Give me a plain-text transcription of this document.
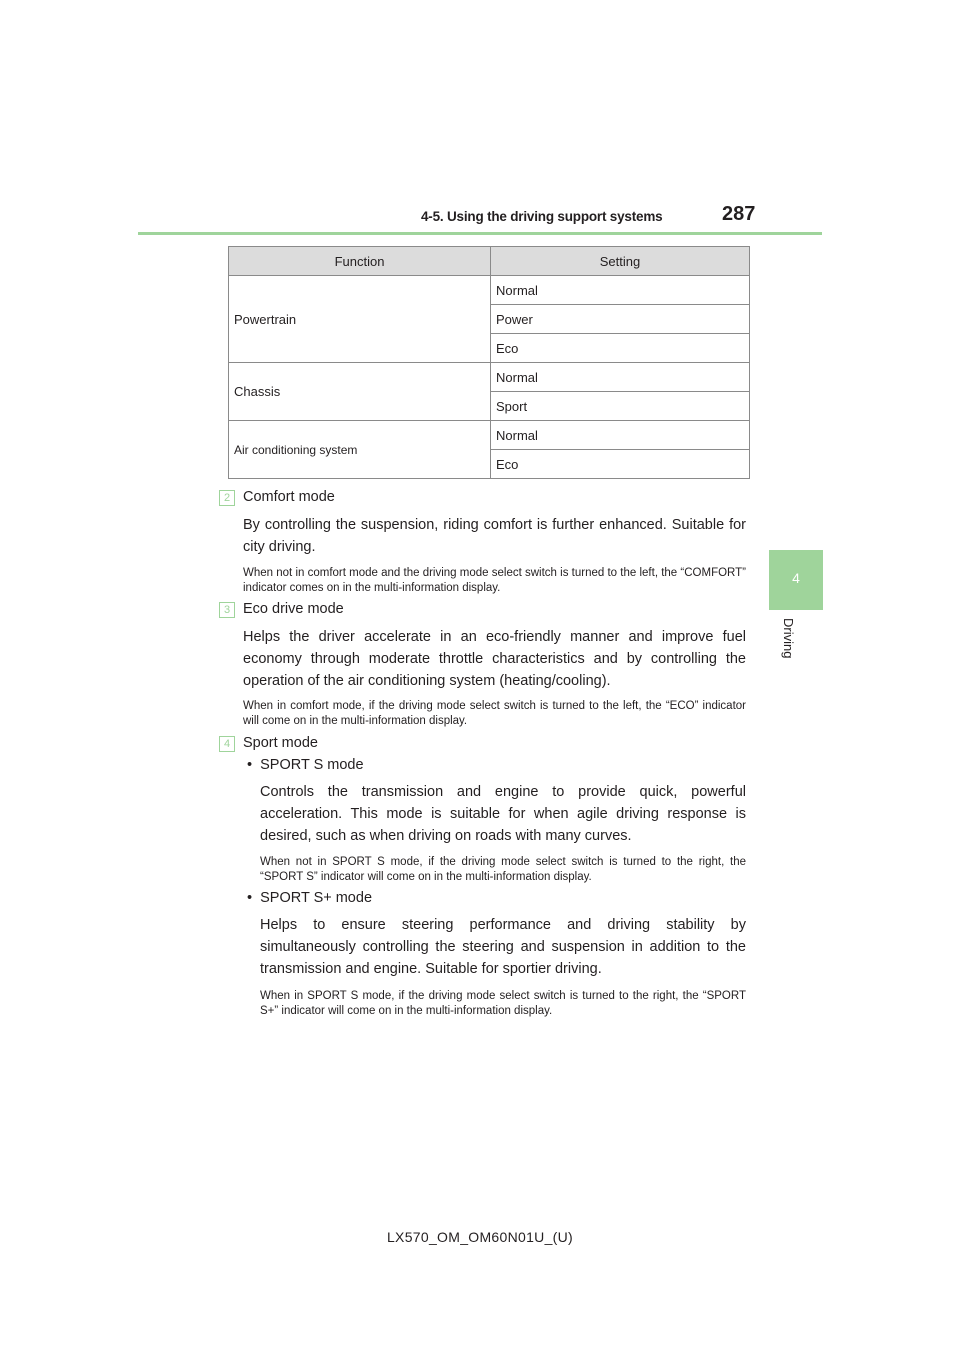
4-5. Using the driving support systems	287
4
Driving
Function	Setting
Powertrain	Normal
	Power
	Eco
Chassis	Normal
	Sport
Air conditioning system	Normal
	Eco
2 Comfort mode
By controlling the suspension, riding comfort is further enhanced. Suitable for city driving.
When not in comfort mode and the driving mode select switch is turned to the left, the “COMFORT” indicator comes on in the multi-information display.
3 Eco drive mode
Helps the driver accelerate in an eco-friendly manner and improve fuel economy through moderate throttle characteristics and by controlling the operation of the air conditioning system (heating/cooling).
When in comfort mode, if the driving mode select switch is turned to the left, the “ECO” indicator will come on in the multi-information display.
4 Sport mode
• SPORT S mode
Controls the transmission and engine to provide quick, powerful acceleration. This mode is suitable for when agile driving response is desired, such as when driving on roads with many curves.
When not in SPORT S mode, if the driving mode select switch is turned to the right, the “SPORT S” indicator will come on in the multi-information display.
• SPORT S+ mode
Helps to ensure steering performance and driving stability by simultaneously controlling the steering and suspension in addition to the transmission and engine. Suitable for sportier driving.
When in SPORT S mode, if the driving mode select switch is turned to the right, the “SPORT S+” indicator will come on in the multi-information display.
LX570_OM_OM60N01U_(U)
